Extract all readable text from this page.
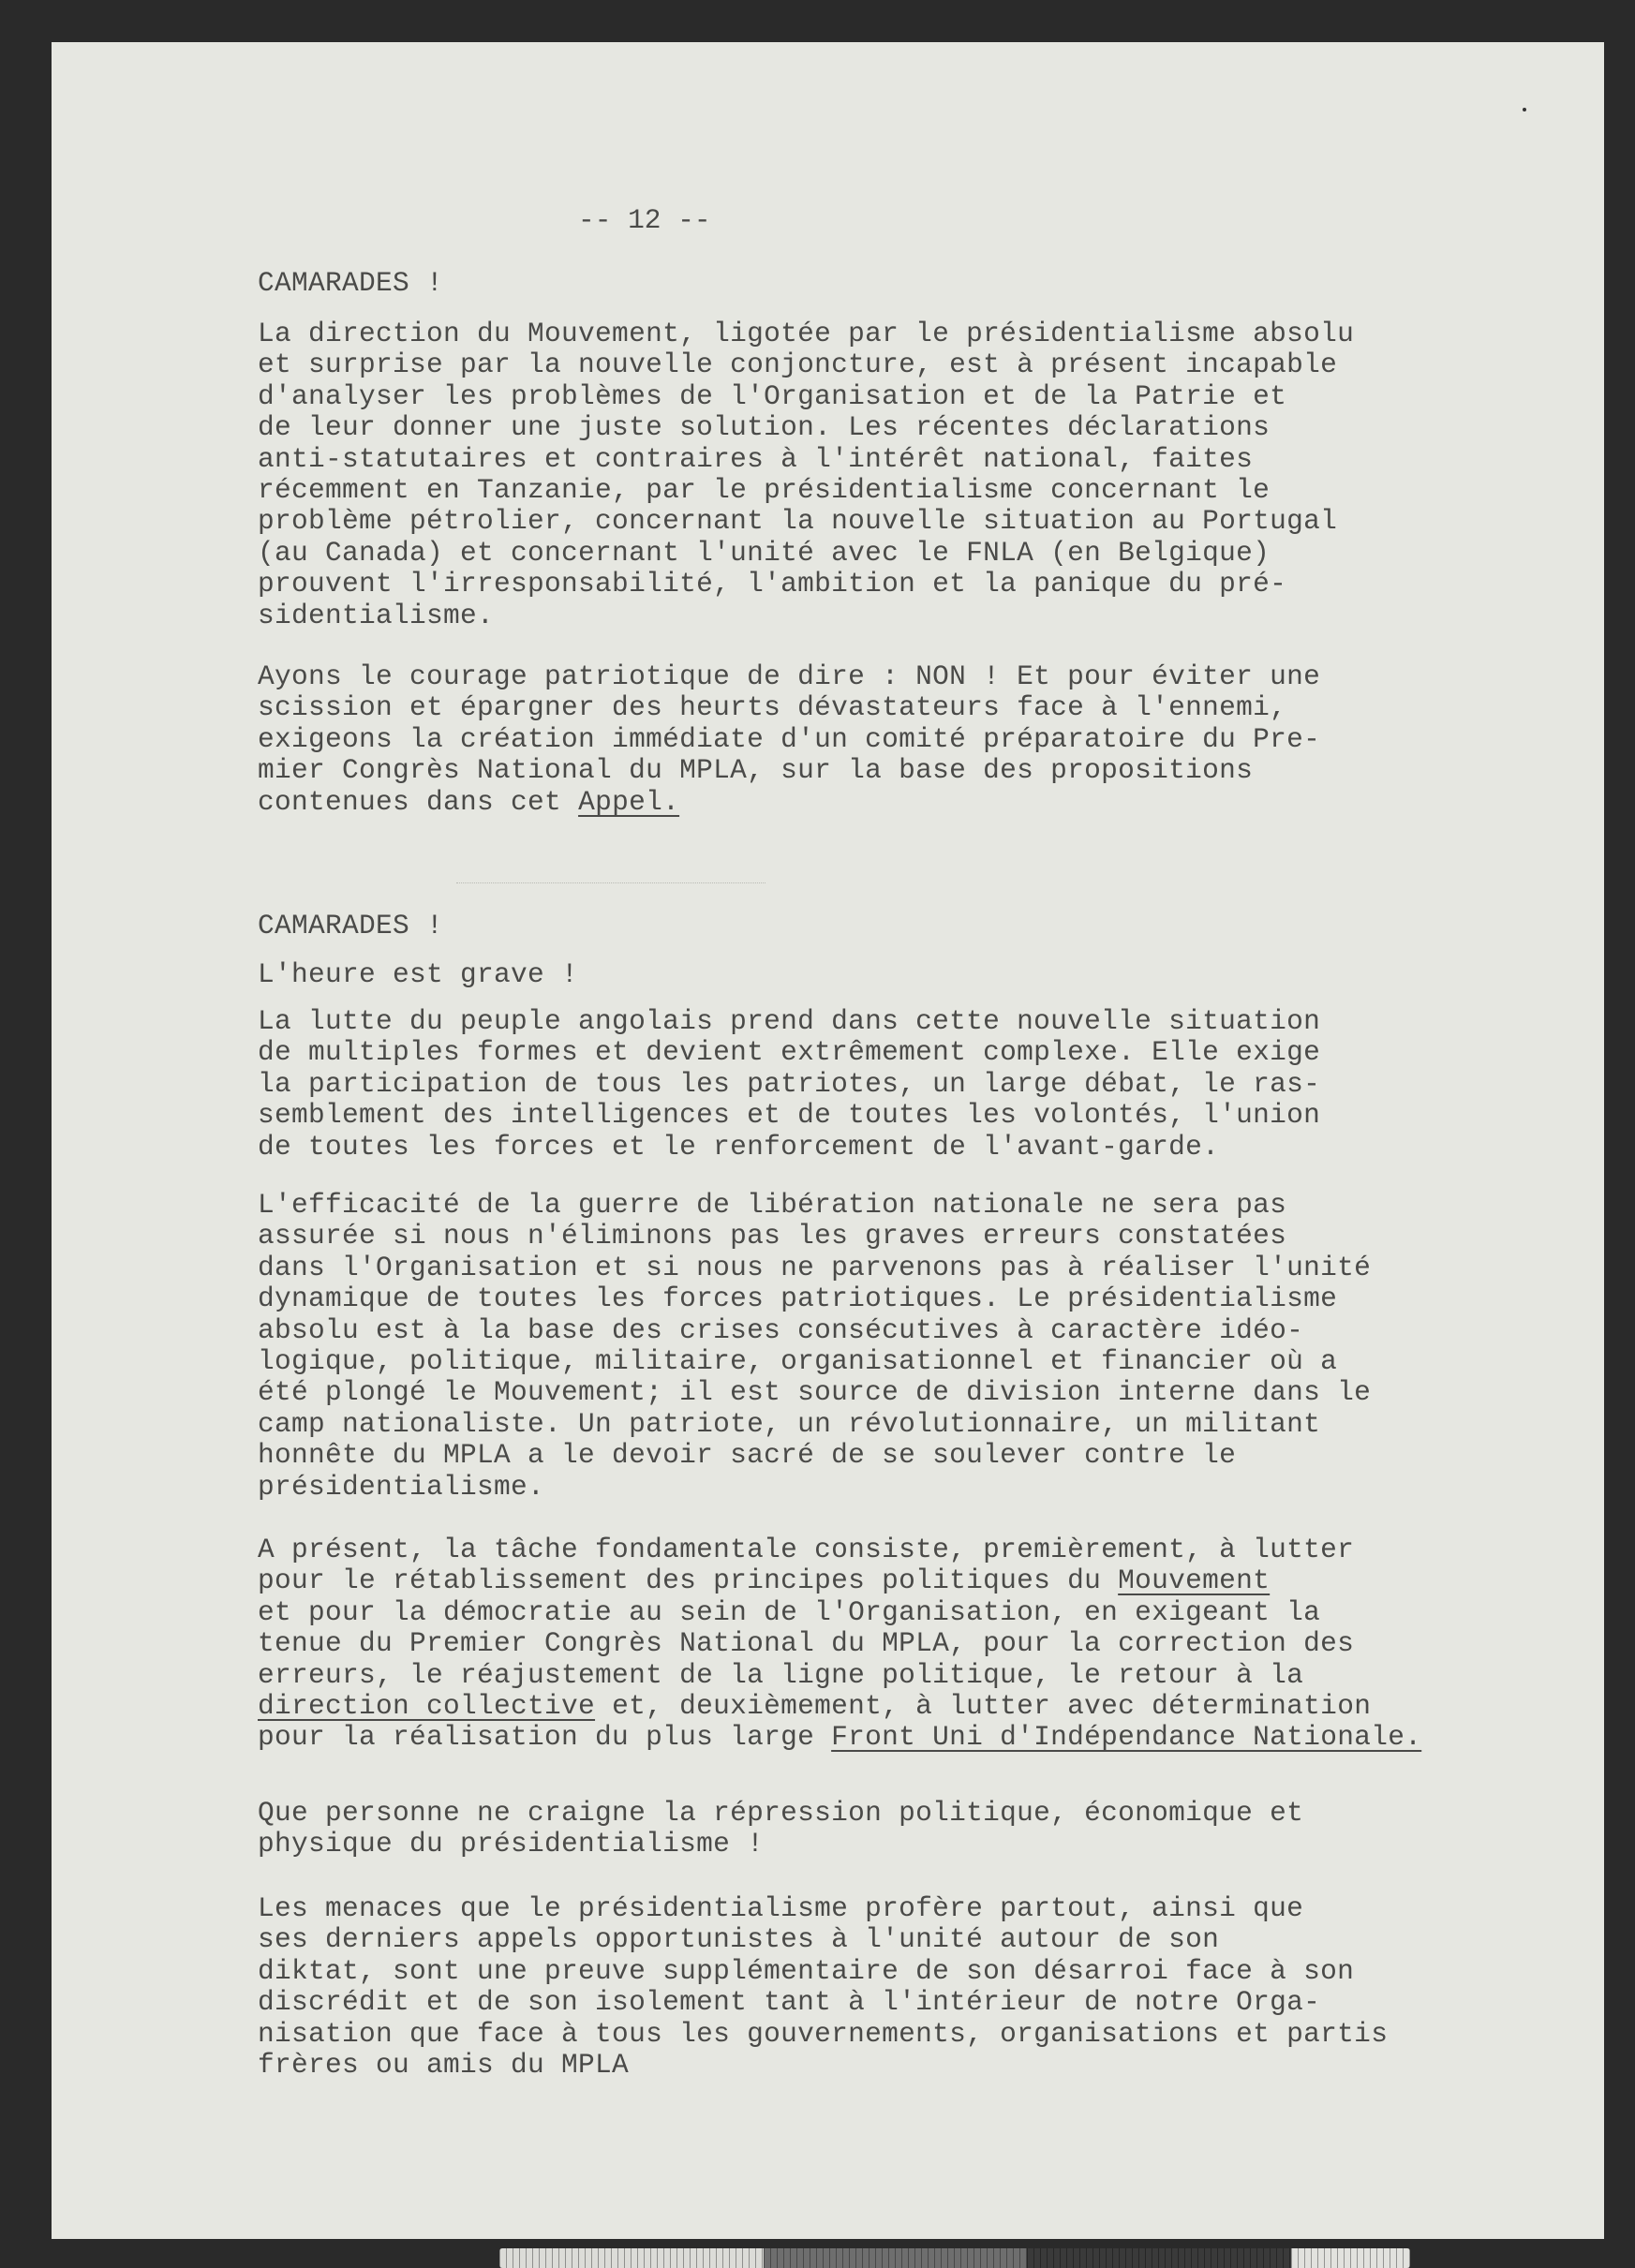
-- 12 --
CAMARADES !
La direction du Mouvement, ligotée par le présidentialisme absolu
et surprise par la nouvelle conjoncture, est à présent incapable
d'analyser les problèmes de l'Organisation et de la Patrie et
de leur donner une juste solution. Les récentes déclarations
anti-statutaires et contraires à l'intérêt national, faites
récemment en Tanzanie, par le présidentialisme concernant le
problème pétrolier, concernant la nouvelle situation au Portugal
(au Canada) et concernant l'unité avec le FNLA (en Belgique)
prouvent l'irresponsabilité, l'ambition et la panique du pré-
sidentialisme.
Ayons le courage patriotique de dire : NON ! Et pour éviter une
scission et épargner des heurts dévastateurs face à l'ennemi,
exigeons la création immédiate d'un comité préparatoire du Pre-
mier Congrès National du MPLA, sur la base des propositions
contenues dans cet Appel.
CAMARADES !
L'heure est grave !
La lutte du peuple angolais prend dans cette nouvelle situation
de multiples formes et devient extrêmement complexe. Elle exige
la participation de tous les patriotes, un large débat, le ras-
semblement des intelligences et de toutes les volontés, l'union
de toutes les forces et le renforcement de l'avant-garde.
L'efficacité de la guerre de libération nationale ne sera pas
assurée si nous n'éliminons pas les graves erreurs constatées
dans l'Organisation et si nous ne parvenons pas à réaliser l'unité
dynamique de toutes les forces patriotiques. Le présidentialisme
absolu est à la base des crises consécutives à caractère idéo-
logique, politique, militaire, organisationnel et financier où a
été plongé le Mouvement; il est source de division interne dans le
camp nationaliste. Un patriote, un révolutionnaire, un militant
honnête du MPLA a le devoir sacré de se soulever contre le
présidentialisme.
A présent, la tâche fondamentale consiste, premièrement, à lutter
pour le rétablissement des principes politiques du Mouvement
et pour la démocratie au sein de l'Organisation, en exigeant la
tenue du Premier Congrès National du MPLA, pour la correction des
erreurs, le réajustement de la ligne politique, le retour à la
direction collective et, deuxièmement, à lutter avec détermination
pour la réalisation du plus large Front Uni d'Indépendance Nationale.
Que personne ne craigne la répression politique, économique et
physique du présidentialisme !
Les menaces que le présidentialisme profère partout, ainsi que
ses derniers appels opportunistes à l'unité autour de son
diktat, sont une preuve supplémentaire de son désarroi face à son
discrédit et de son isolement tant à l'intérieur de notre Orga-
nisation que face à tous les gouvernements, organisations et partis
frères ou amis du MPLA
